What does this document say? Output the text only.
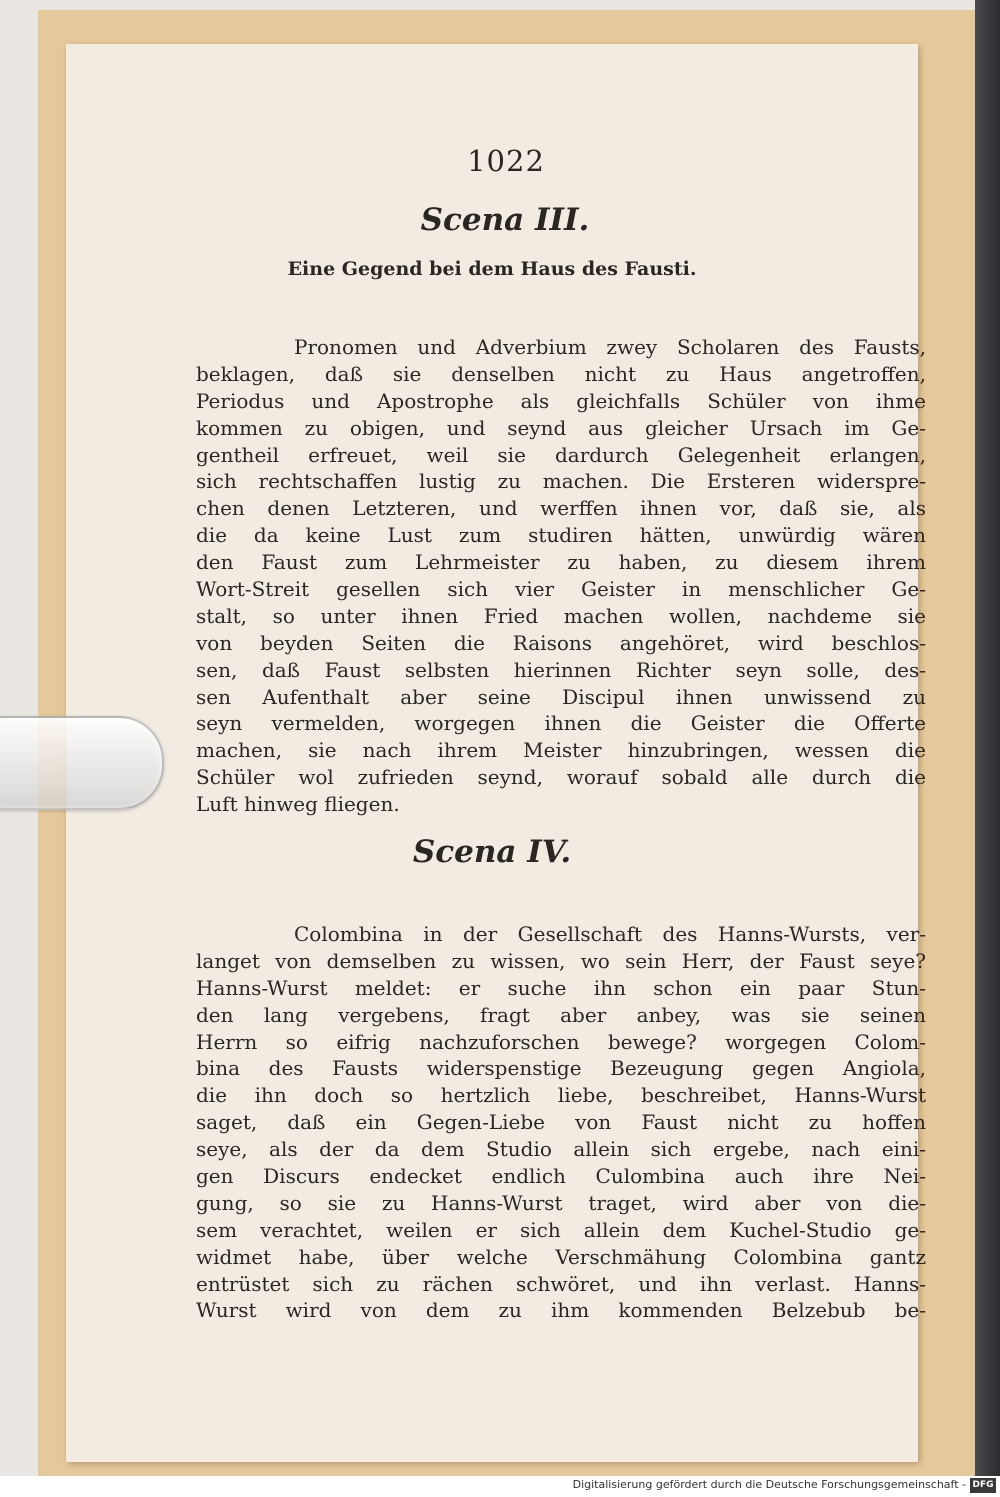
1022
Scena III.
Eine Gegend bei dem Haus des Fausti.
Pronomen und Adverbium zwey Scholaren des Fausts,
beklagen, daß sie denselben nicht zu Haus angetroffen,
Periodus und Apostrophe als gleichfalls Schüler von ihme
kommen zu obigen, und seynd aus gleicher Ursach im Ge-
gentheil erfreuet, weil sie dardurch Gelegenheit erlangen,
sich rechtschaffen lustig zu machen. Die Ersteren widerspre-
chen denen Letzteren, und werffen ihnen vor, daß sie, als
die da keine Lust zum studiren hätten, unwürdig wären
den Faust zum Lehrmeister zu haben, zu diesem ihrem
Wort-Streit gesellen sich vier Geister in menschlicher Ge-
stalt, so unter ihnen Fried machen wollen, nachdeme sie
von beyden Seiten die Raisons angehöret, wird beschlos-
sen, daß Faust selbsten hierinnen Richter seyn solle, des-
sen Aufenthalt aber seine Discipul ihnen unwissend zu
seyn vermelden, worgegen ihnen die Geister die Offerte
machen, sie nach ihrem Meister hinzubringen, wessen die
Schüler wol zufrieden seynd, worauf sobald alle durch die
Luft hinweg fliegen.
Scena IV.
Colombina in der Gesellschaft des Hanns-Wursts, ver-
langet von demselben zu wissen, wo sein Herr, der Faust seye?
Hanns-Wurst meldet: er suche ihn schon ein paar Stun-
den lang vergebens, fragt aber anbey, was sie seinen
Herrn so eifrig nachzuforschen bewege? worgegen Colom-
bina des Fausts widerspenstige Bezeugung gegen Angiola,
die ihn doch so hertzlich liebe, beschreibet, Hanns-Wurst
saget, daß ein Gegen-Liebe von Faust nicht zu hoffen
seye, als der da dem Studio allein sich ergebe, nach eini-
gen Discurs endecket endlich Culombina auch ihre Nei-
gung, so sie zu Hanns-Wurst traget, wird aber von die-
sem verachtet, weilen er sich allein dem Kuchel-Studio ge-
widmet habe, über welche Verschmähung Colombina gantz
entrüstet sich zu rächen schwöret, und ihn verlast. Hanns-
Wurst wird von dem zu ihm kommenden Belzebub be-
Digitalisierung gefördert durch die Deutsche Forschungsgemeinschaft - DFG
